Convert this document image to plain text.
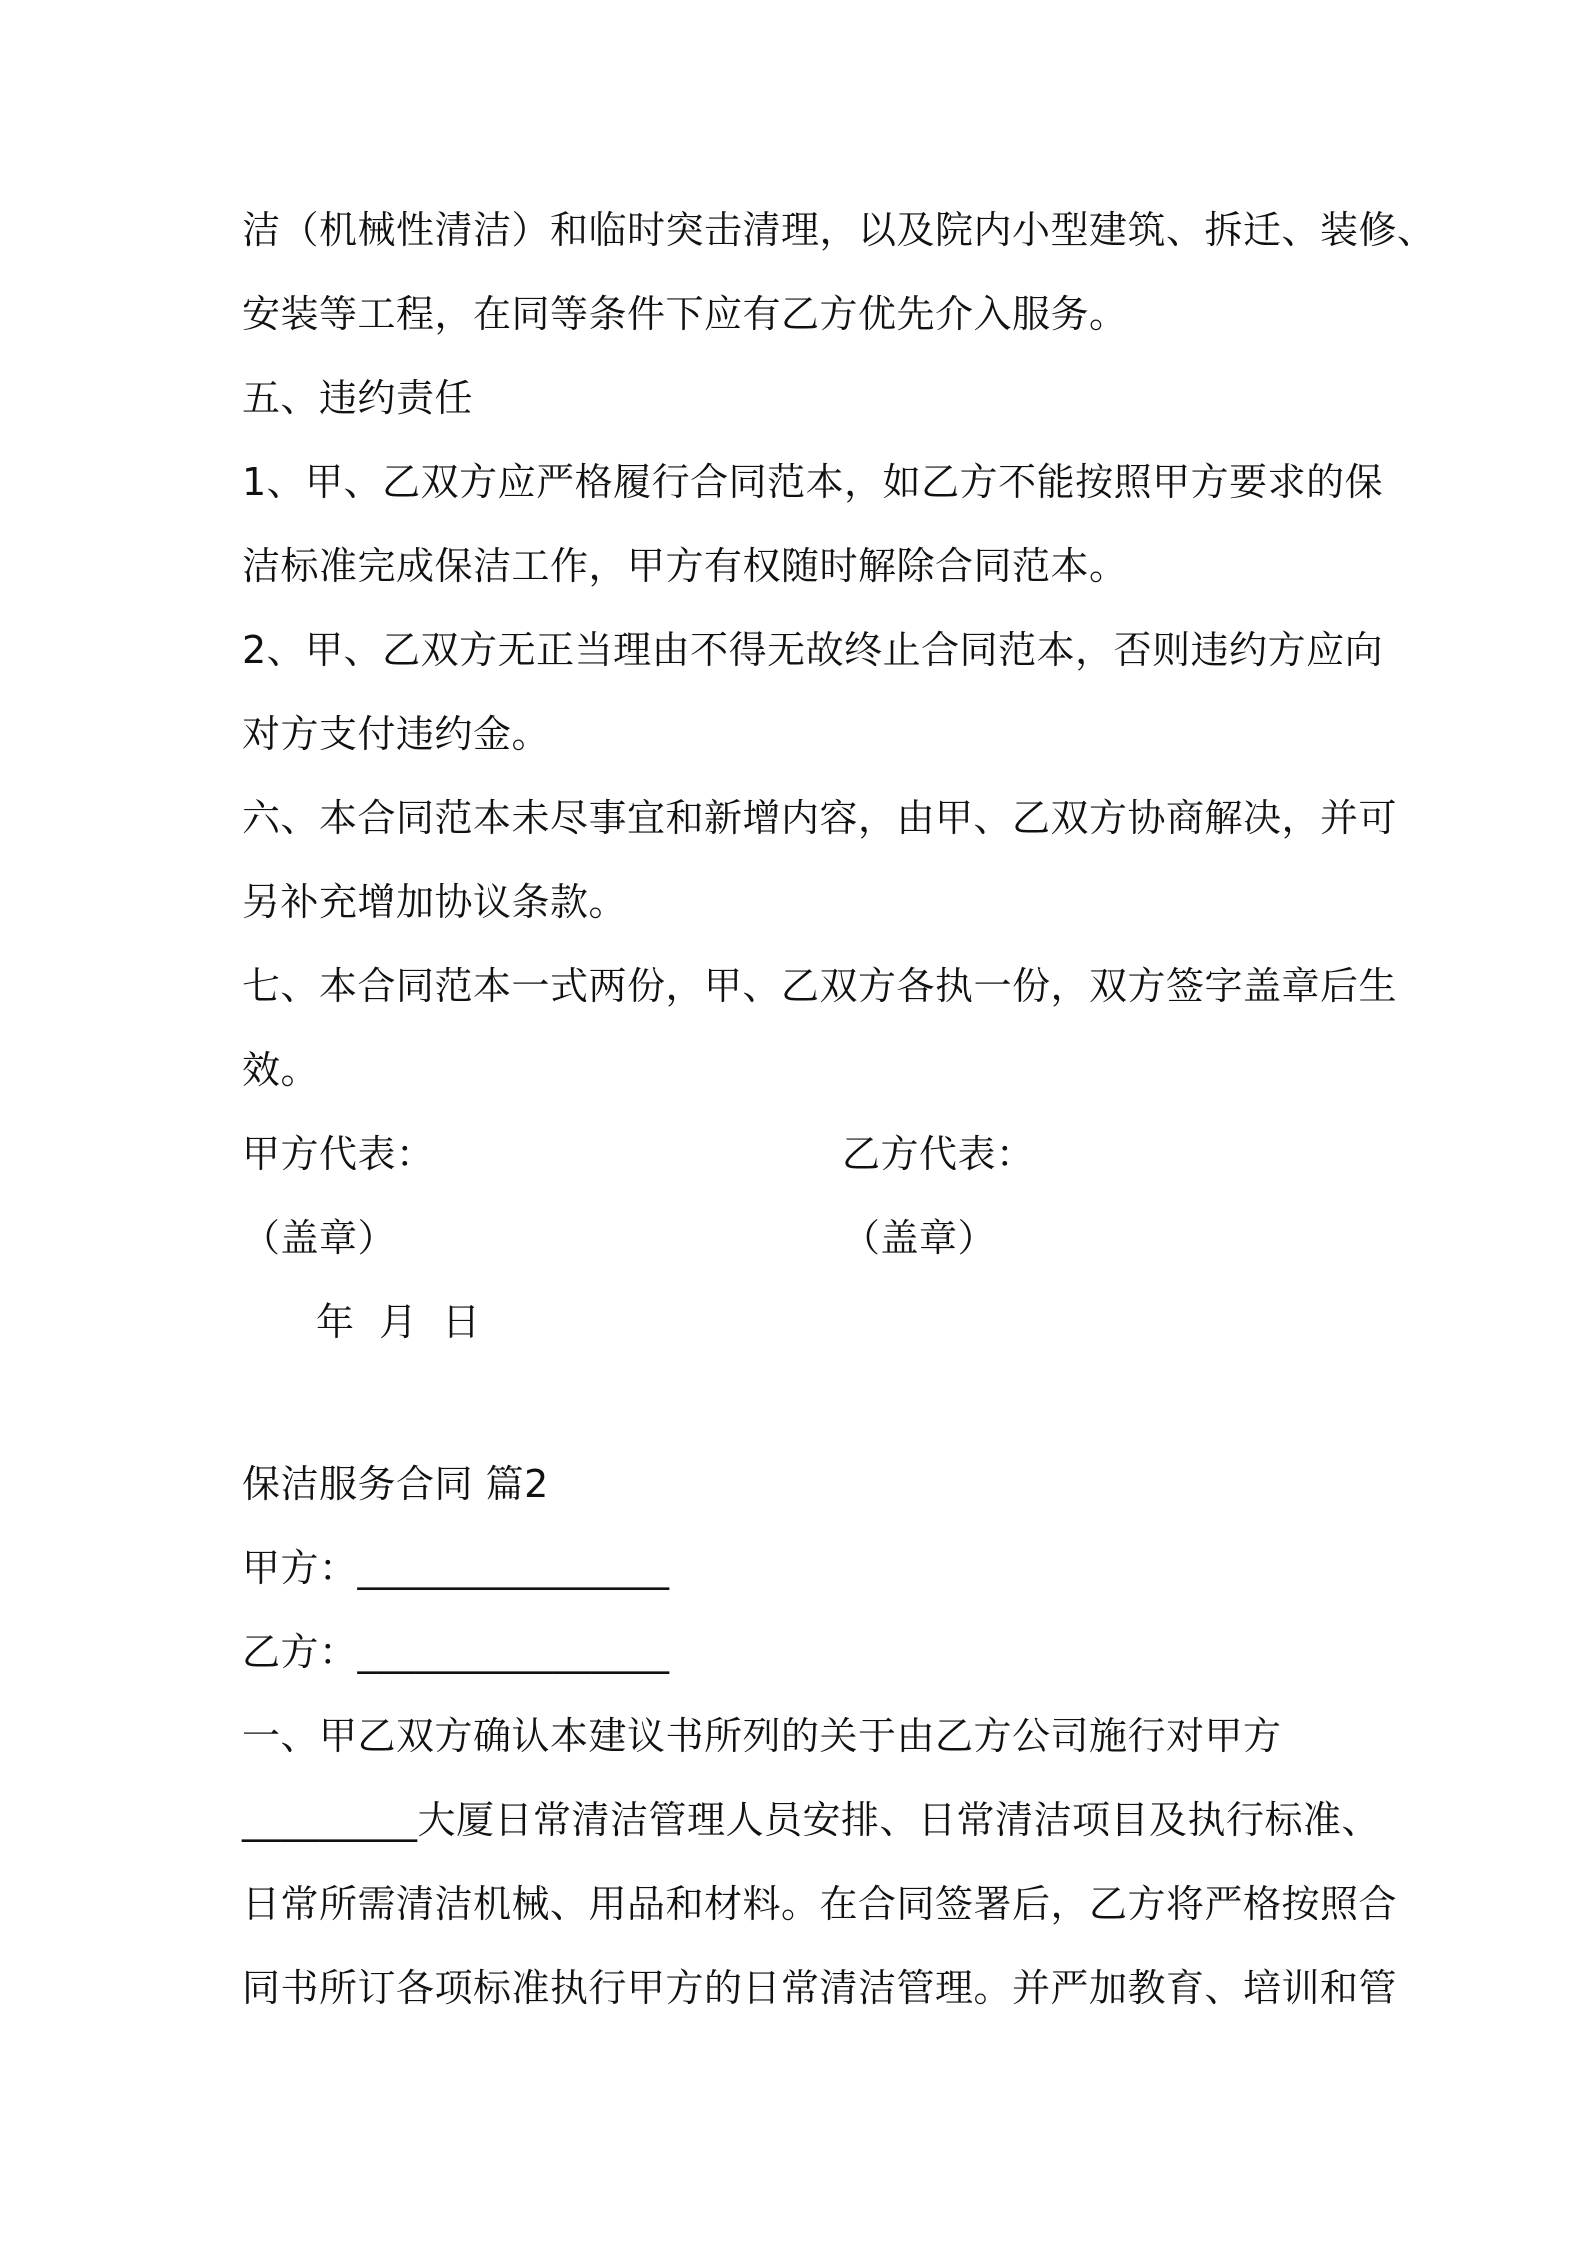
洁（机械性清洁）和临时突击清理，以及院内小型建筑、拆迁、装修、
安装等工程，在同等条件下应有乙方优先介入服务。
五、违约责任
1、甲、乙双方应严格履行合同范本，如乙方不能按照甲方要求的保
洁标准完成保洁工作，甲方有权随时解除合同范本。
2、甲、乙双方无正当理由不得无故终止合同范本，否则违约方应向
对方支付违约金。
六、本合同范本未尽事宜和新增内容，由甲、乙双方协商解决，并可
另补充增加协议条款。
七、本合同范本一式两份，甲、乙双方各执一份，双方签字盖章后生
效。
甲方代表：	乙方代表：
（盖章）	（盖章）
年 月 日
保洁服务合同 篇2
甲方：________________
乙方：________________
一、甲乙双方确认本建议书所列的关于由乙方公司施行对甲方
_________大厦日常清洁管理人员安排、日常清洁项目及执行标准、
日常所需清洁机械、用品和材料。在合同签署后，乙方将严格按照合
同书所订各项标准执行甲方的日常清洁管理。并严加教育、培训和管
